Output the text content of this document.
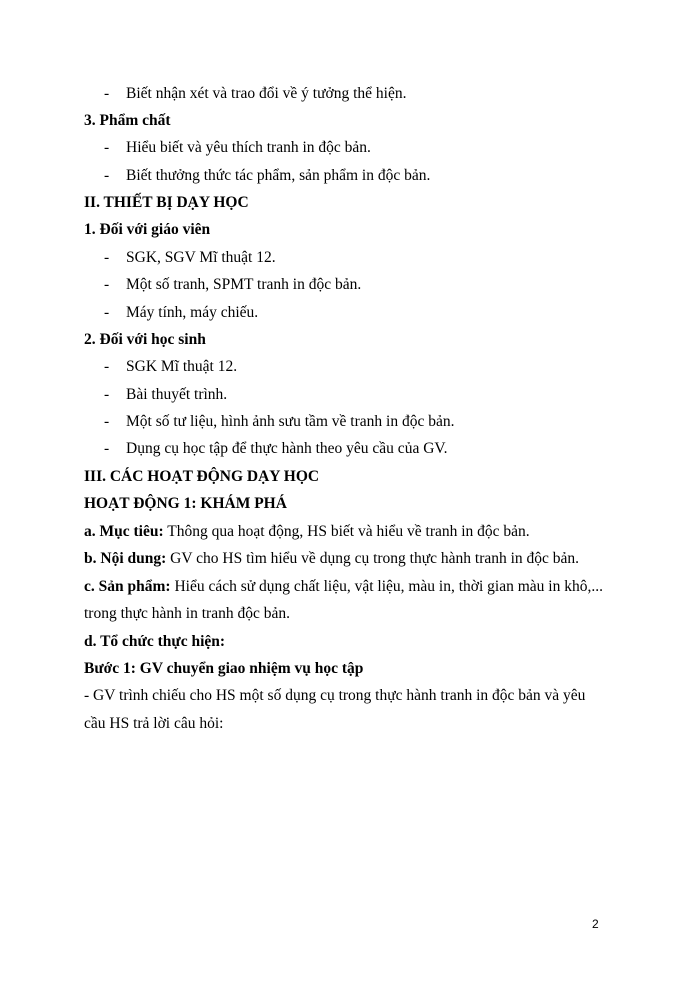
- Biết nhận xét và trao đổi về ý tưởng thể hiện.
3. Phẩm chất
- Hiểu biết và yêu thích tranh in độc bản.
- Biết thưởng thức tác phẩm, sản phẩm in độc bản.
II. THIẾT BỊ DẠY HỌC
1. Đối với giáo viên
- SGK, SGV Mĩ thuật 12.
- Một số tranh, SPMT tranh in độc bản.
- Máy tính, máy chiếu.
2. Đối với học sinh
- SGK Mĩ thuật 12.
- Bài thuyết trình.
- Một số tư liệu, hình ảnh sưu tầm về tranh in độc bản.
- Dụng cụ học tập để thực hành theo yêu cầu của GV.
III. CÁC HOẠT ĐỘNG DẠY HỌC
HOẠT ĐỘNG 1: KHÁM PHÁ
a. Mục tiêu: Thông qua hoạt động, HS biết và hiểu về tranh in độc bản.
b. Nội dung: GV cho HS tìm hiểu về dụng cụ trong thực hành tranh in độc bản.
c. Sản phẩm: Hiểu cách sử dụng chất liệu, vật liệu, màu in, thời gian màu in khô,...
trong thực hành in tranh độc bản.
d. Tổ chức thực hiện:
Bước 1: GV chuyển giao nhiệm vụ học tập
- GV trình chiếu cho HS một số dụng cụ trong thực hành tranh in độc bản và yêu
cầu HS trả lời câu hỏi:
2
